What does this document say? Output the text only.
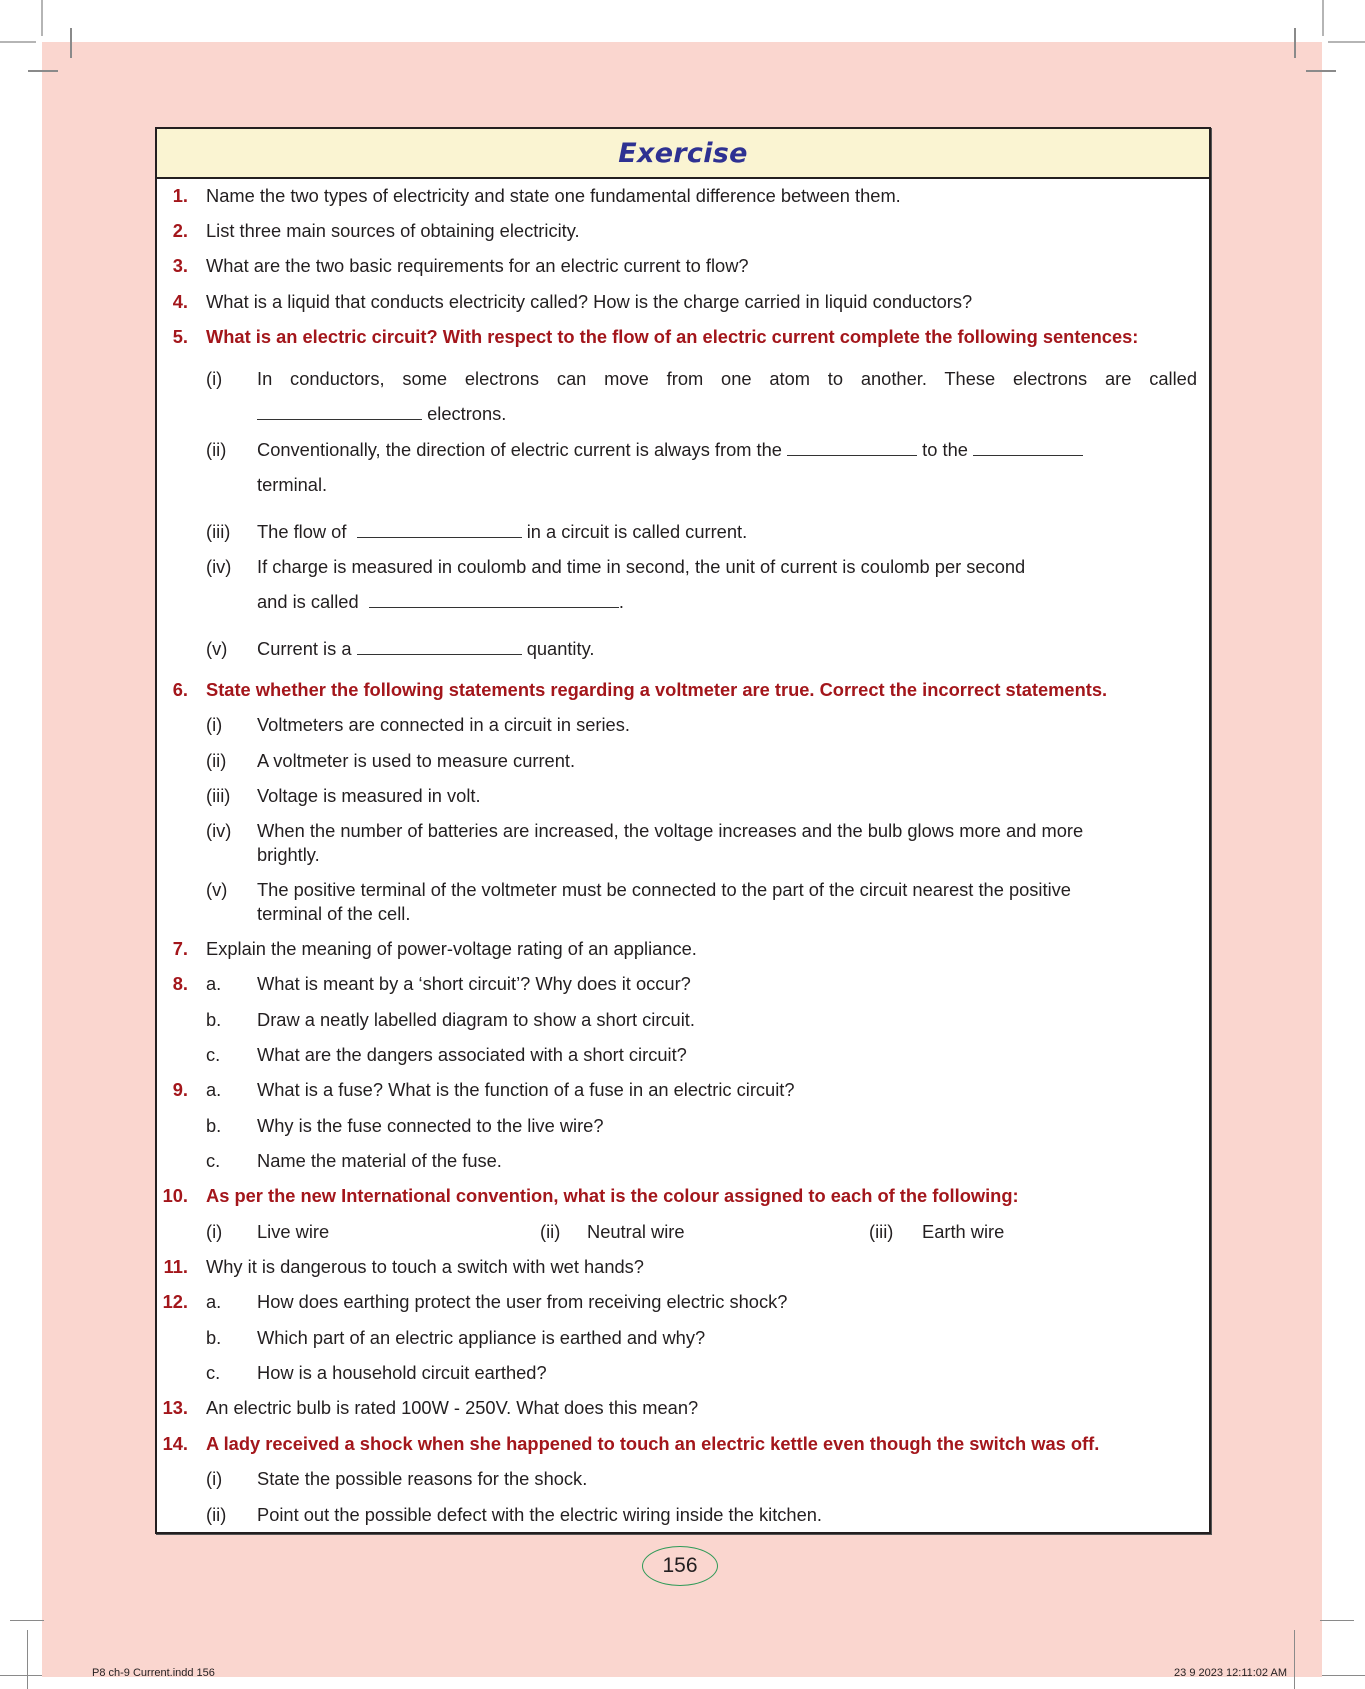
Exercise
1. Name the two types of electricity and state one fundamental difference between them.
2. List three main sources of obtaining electricity.
3. What are the two basic requirements for an electric current to flow?
4. What is a liquid that conducts electricity called? How is the charge carried in liquid conductors?
5. What is an electric circuit? With respect to the flow of an electric current complete the following sentences:
(i) In conductors, some electrons can move from one atom to another. These electrons are called
electrons.
(ii) Conventionally, the direction of electric current is always from the	to the
terminal.
(iii) The flow of	in a circuit is called current.
(iv) If charge is measured in coulomb and time in second, the unit of current is coulomb per second
and is called	.
(v) Current is a	quantity.
6. State whether the following statements regarding a voltmeter are true. Correct the incorrect statements.
(i) Voltmeters are connected in a circuit in series.
(ii) A voltmeter is used to measure current.
(iii) Voltage is measured in volt.
(iv) When the number of batteries are increased, the voltage increases and the bulb glows more and more
brightly.
(v) The positive terminal of the voltmeter must be connected to the part of the circuit nearest the positive
terminal of the cell.
7. Explain the meaning of power-voltage rating of an appliance.
8. a. What is meant by a ‘short circuit’? Why does it occur?
b. Draw a neatly labelled diagram to show a short circuit.
c. What are the dangers associated with a short circuit?
9. a. What is a fuse? What is the function of a fuse in an electric circuit?
b. Why is the fuse connected to the live wire?
c. Name the material of the fuse.
10. As per the new International convention, what is the colour assigned to each of the following:
(i) Live wire	(ii) Neutral wire	(iii) Earth wire
11. Why it is dangerous to touch a switch with wet hands?
12. a. How does earthing protect the user from receiving electric shock?
b. Which part of an electric appliance is earthed and why?
c. How is a household circuit earthed?
13. An electric bulb is rated 100W - 250V. What does this mean?
14. A lady received a shock when she happened to touch an electric kettle even though the switch was off.
(i) State the possible reasons for the shock.
(ii) Point out the possible defect with the electric wiring inside the kitchen.
156
P8 ch-9 Current.indd 156	23 9 2023 12:11:02 AM
